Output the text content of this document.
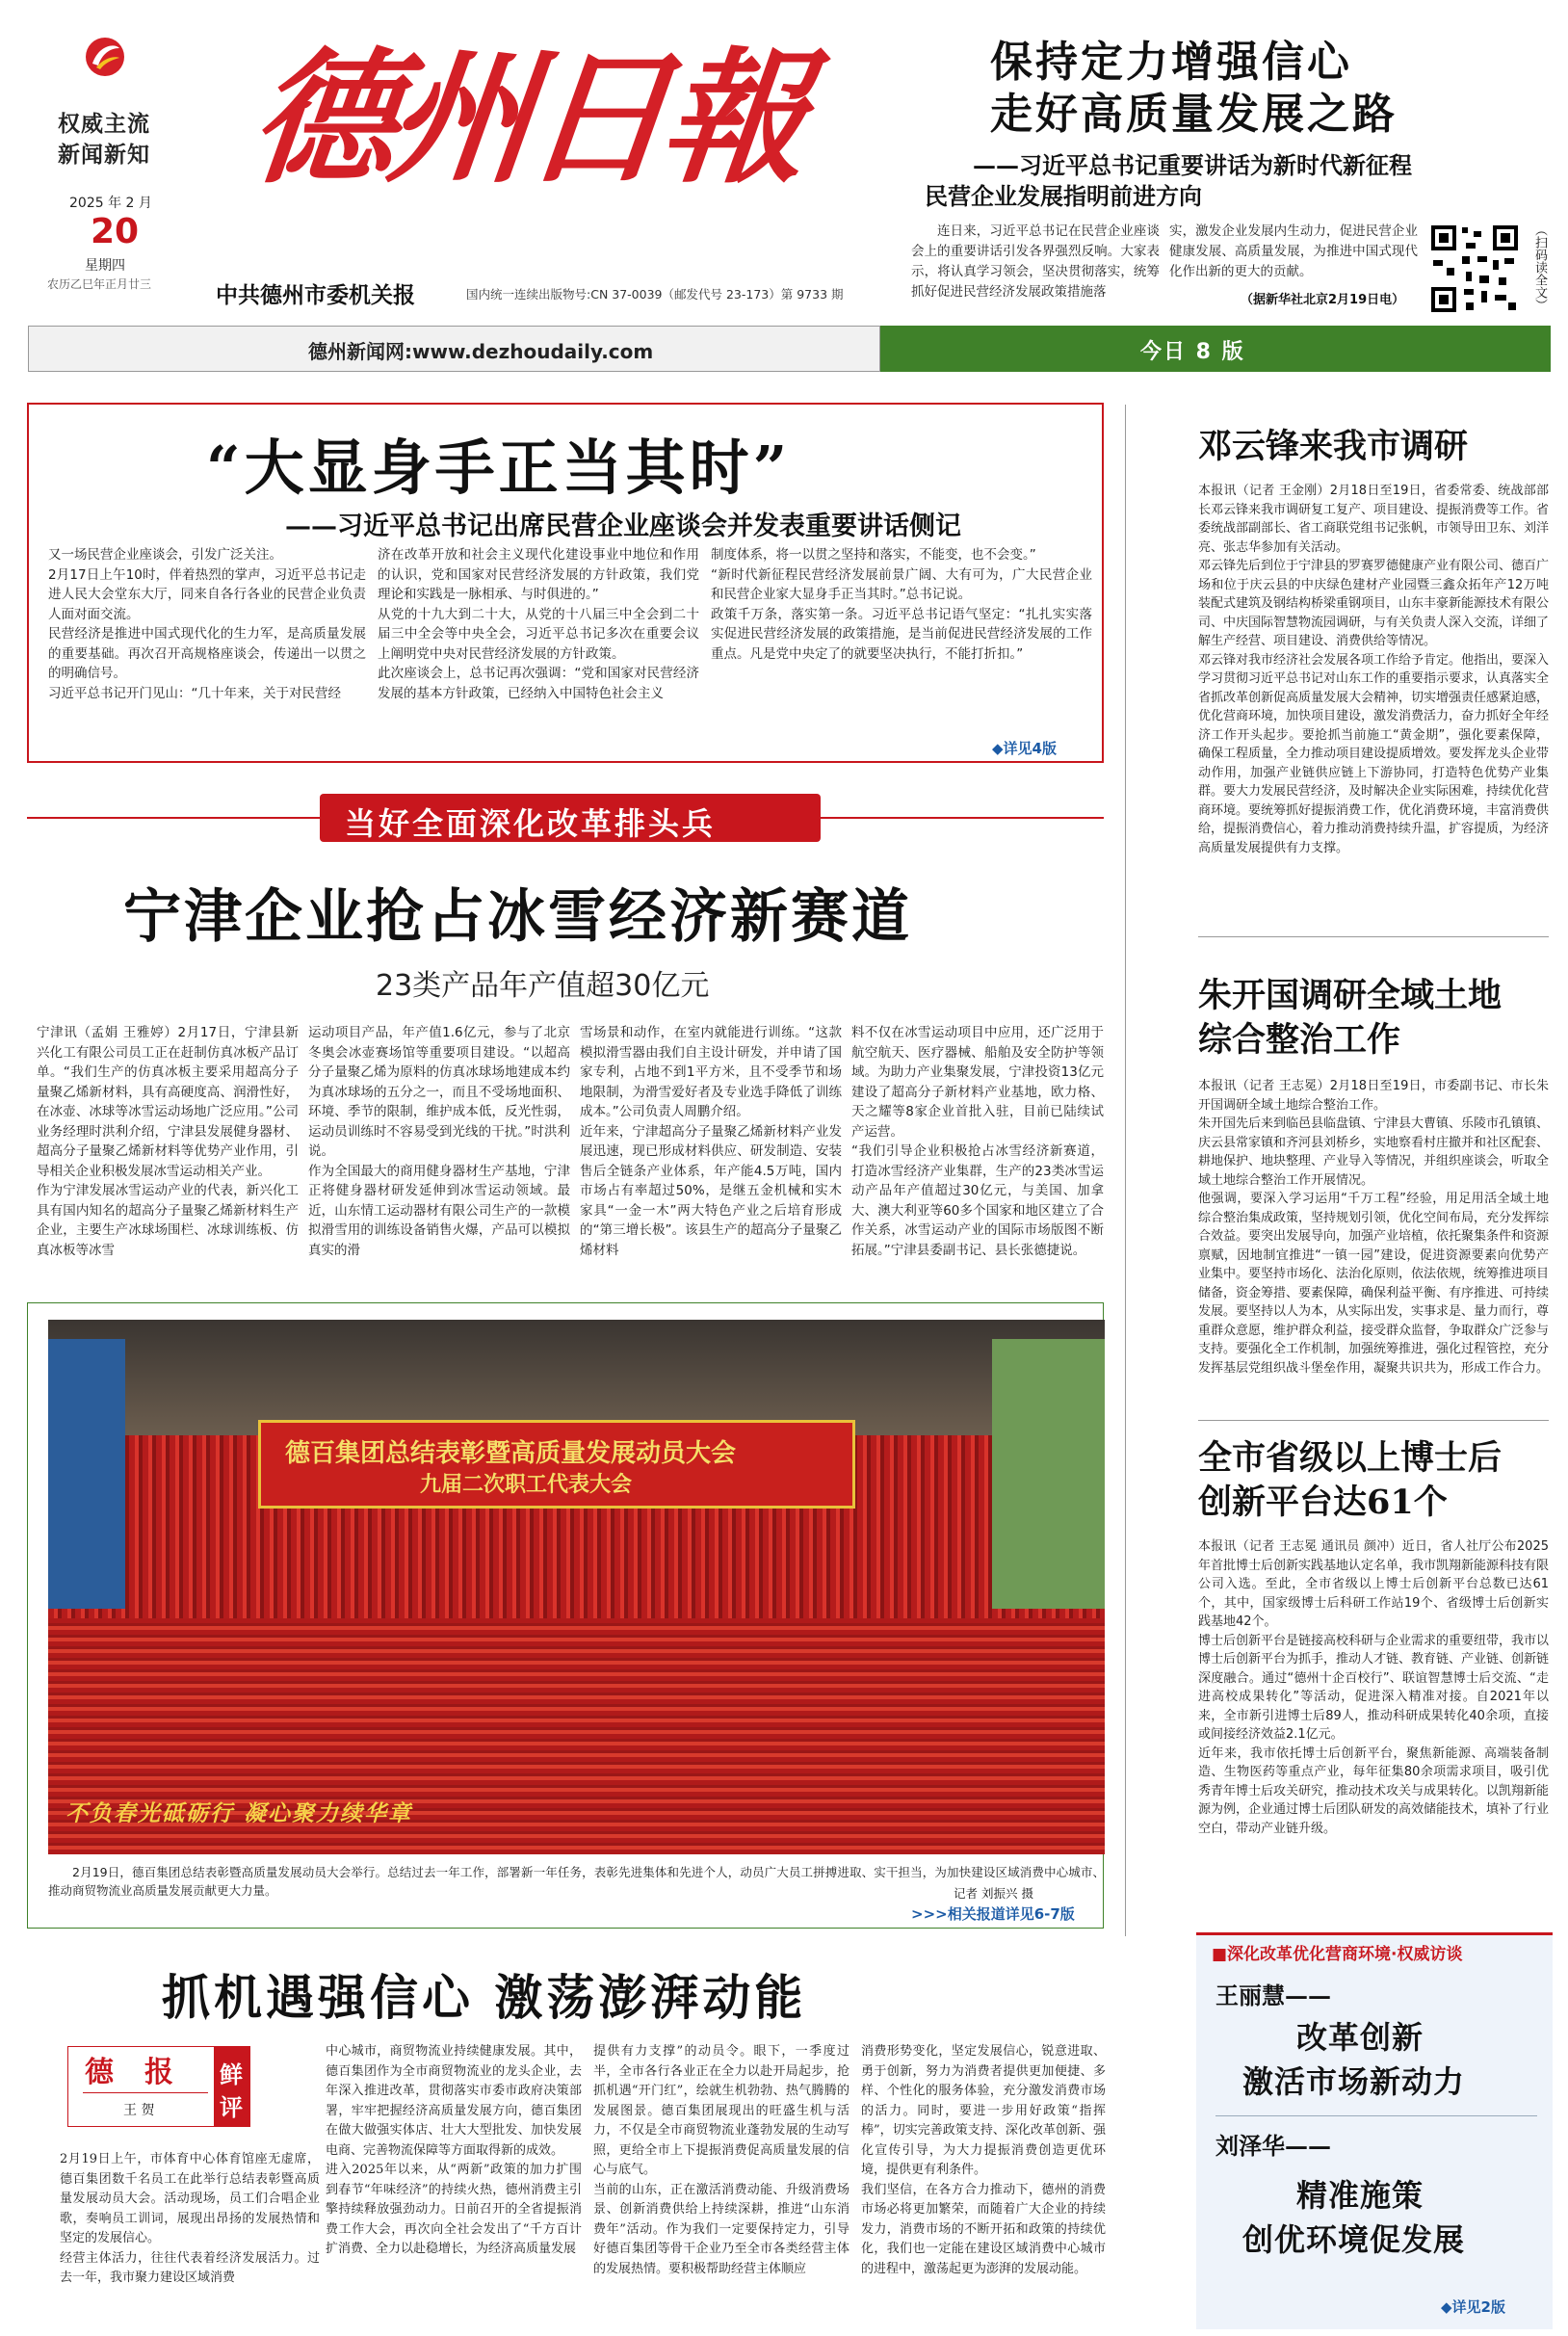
权威主流
新闻新知
2025 年 2 月
20
星期四
农历乙巳年正月廿三
德州日報
中共德州市委机关报	国内统一连续出版物号:CN 37-0039（邮发代号 23-173）第 9733 期
保持定力增强信心
走好高质量发展之路
——习近平总书记重要讲话为新时代新征程
民营企业发展指明前进方向
连日来，习近平总书记在民营企业座谈会上的重要讲话引发各界强烈反响。大家表示，将认真学习领会，坚决贯彻落实，统筹抓好促进民营经济发展政策措施落
实，激发企业发展内生动力，促进民营企业健康发展、高质量发展，为推进中国式现代化作出新的更大的贡献。
（据新华社北京2月19日电）	（扫码读全文）
德州新闻网:www.dezhoudaily.com	今日 8 版
“大显身手正当其时”
——习近平总书记出席民营企业座谈会并发表重要讲话侧记
又一场民营企业座谈会，引发广泛关注。
2月17日上午10时，伴着热烈的掌声，习近平总书记走进人民大会堂东大厅，同来自各行各业的民营企业负责人面对面交流。
民营经济是推进中国式现代化的生力军，是高质量发展的重要基础。再次召开高规格座谈会，传递出一以贯之的明确信号。
习近平总书记开门见山：“几十年来，关于对民营经
济在改革开放和社会主义现代化建设事业中地位和作用的认识，党和国家对民营经济发展的方针政策，我们党理论和实践是一脉相承、与时俱进的。”
从党的十九大到二十大，从党的十八届三中全会到二十届三中全会等中央全会，习近平总书记多次在重要会议上阐明党中央对民营经济发展的方针政策。
此次座谈会上，总书记再次强调：“党和国家对民营经济发展的基本方针政策，已经纳入中国特色社会主义
制度体系，将一以贯之坚持和落实，不能变，也不会变。”
“新时代新征程民营经济发展前景广阔、大有可为，广大民营企业和民营企业家大显身手正当其时。”总书记说。
政策千万条，落实第一条。习近平总书记语气坚定：“扎扎实实落实促进民营经济发展的政策措施，是当前促进民营经济发展的工作重点。凡是党中央定了的就要坚决执行，不能打折扣。”
◆详见4版
当好全面深化改革排头兵
宁津企业抢占冰雪经济新赛道
23类产品年产值超30亿元
宁津讯（孟娟 王雅婷）2月17日，宁津县新兴化工有限公司员工正在赶制仿真冰板产品订单。“我们生产的仿真冰板主要采用超高分子量聚乙烯新材料，具有高硬度高、润滑性好，在冰壶、冰球等冰雪运动场地广泛应用。”公司业务经理时洪利介绍，宁津县发展健身器材、超高分子量聚乙烯新材料等优势产业作用，引导相关企业积极发展冰雪运动相关产业。
作为宁津发展冰雪运动产业的代表，新兴化工具有国内知名的超高分子量聚乙烯新材料生产企业，主要生产冰球场围栏、冰球训练板、仿真冰板等冰雪
运动项目产品，年产值1.6亿元，参与了北京冬奥会冰壶赛场馆等重要项目建设。“以超高分子量聚乙烯为原料的仿真冰球场地建成本约为真冰球场的五分之一，而且不受场地面积、环境、季节的限制，维护成本低，反光性弱，运动员训练时不容易受到光线的干扰。”时洪利说。
作为全国最大的商用健身器材生产基地，宁津正将健身器材研发延伸到冰雪运动领域。最近，山东情工运动器材有限公司生产的一款模拟滑雪用的训练设备销售火爆，产品可以模拟真实的滑
雪场景和动作，在室内就能进行训练。“这款模拟滑雪器由我们自主设计研发，并申请了国家专利，占地不到1平方米，且不受季节和场地限制，为滑雪爱好者及专业选手降低了训练成本。”公司负责人周鹏介绍。
近年来，宁津超高分子量聚乙烯新材料产业发展迅速，现已形成材料供应、研发制造、安装售后全链条产业体系，年产能4.5万吨，国内市场占有率超过50%，是继五金机械和实木家具“一金一木”两大特色产业之后培育形成的“第三增长极”。该县生产的超高分子量聚乙烯材料
料不仅在冰雪运动项目中应用，还广泛用于航空航天、医疗器械、船舶及安全防护等领域。为助力产业集聚发展，宁津投资13亿元建设了超高分子新材料产业基地，欧力格、天之耀等8家企业首批入驻，目前已陆续试产运营。
“我们引导企业积极抢占冰雪经济新赛道，打造冰雪经济产业集群，生产的23类冰雪运动产品年产值超过30亿元，与美国、加拿大、澳大利亚等60多个国家和地区建立了合作关系，冰雪运动产业的国际市场版图不断拓展。”宁津县委副书记、县长张德捷说。
德百集团总结表彰暨高质量发展动员大会
九届二次职工代表大会
不负春光砥砺行 凝心聚力续华章
2月19日，德百集团总结表彰暨高质量发展动员大会举行。总结过去一年工作，部署新一年任务，表彰先进集体和先进个人，动员广大员工拼搏进取、实干担当，为加快建设区域消费中心城市、推动商贸物流业高质量发展贡献更大力量。	记者 刘振兴 摄
>>>相关报道详见6-7版
抓机遇强信心 激荡澎湃动能
德 报
王 贺
鲜
评
2月19日上午，市体育中心体育馆座无虚席，德百集团数千名员工在此举行总结表彰暨高质量发展动员大会。活动现场，员工们合唱企业歌，奏响员工训词，展现出昂扬的发展热情和坚定的发展信心。
经营主体活力，往往代表着经济发展活力。过去一年，我市聚力建设区域消费
中心城市，商贸物流业持续健康发展。其中，德百集团作为全市商贸物流业的龙头企业，去年深入推进改革，贯彻落实市委市政府决策部署，牢牢把握经济高质量发展方向，德百集团在做大做强实体店、壮大大型批发、加快发展电商、完善物流保障等方面取得新的成效。
进入2025年以来，从“两新”政策的加力扩围到春节“年味经济”的持续火热，德州消费主引擎持续释放强劲动力。日前召开的全省提振消费工作大会，再次向全社会发出了“千方百计扩消费、全力以赴稳增长，为经济高质量发展
提供有力支撑”的动员令。眼下，一季度过半，全市各行各业正在全力以赴开局起步，抢抓机遇“开门红”，绘就生机勃勃、热气腾腾的发展图景。德百集团展现出的旺盛生机与活力，不仅是全市商贸物流业蓬勃发展的生动写照，更给全市上下提振消费促高质量发展的信心与底气。
当前的山东，正在激活消费动能、升级消费场景、创新消费供给上持续深耕，推进“山东消费年”活动。作为我们一定要保持定力，引导好德百集团等骨干企业乃至全市各类经营主体的发展热情。要积极帮助经营主体顺应
消费形势变化，坚定发展信心，锐意进取、勇于创新，努力为消费者提供更加便捷、多样、个性化的服务体验，充分激发消费市场的活力。同时，要进一步用好政策“指挥棒”，切实完善政策支持、深化改革创新、强化宣传引导，为大力提振消费创造更优环境，提供更有利条件。
我们坚信，在各方合力推动下，德州的消费市场必将更加繁荣，而随着广大企业的持续发力，消费市场的不断开拓和政策的持续优化，我们也一定能在建设区域消费中心城市的进程中，激荡起更为澎湃的发展动能。
邓云锋来我市调研
本报讯（记者 王金刚）2月18日至19日，省委常委、统战部部长邓云锋来我市调研复工复产、项目建设、提振消费等工作。省委统战部副部长、省工商联党组书记张帆，市领导田卫东、刘洋亮、张志华参加有关活动。
邓云锋先后到位于宁津县的罗赛罗德健康产业有限公司、德百广场和位于庆云县的中庆绿色建材产业园暨三鑫众拓年产12万吨装配式建筑及钢结构桥梁重钢项目，山东丰豪新能源技术有限公司、中庆国际智慧物流园调研，与有关负责人深入交流，详细了解生产经营、项目建设、消费供给等情况。
邓云锋对我市经济社会发展各项工作给予肯定。他指出，要深入学习贯彻习近平总书记对山东工作的重要指示要求，认真落实全省抓改革创新促高质量发展大会精神，切实增强责任感紧迫感，优化营商环境，加快项目建设，激发消费活力，奋力抓好全年经济工作开头起步。要抢抓当前施工“黄金期”，强化要素保障，确保工程质量，全力推动项目建设提质增效。要发挥龙头企业带动作用，加强产业链供应链上下游协同，打造特色优势产业集群。要大力发展民营经济，及时解决企业实际困难，持续优化营商环境。要统筹抓好提振消费工作，优化消费环境，丰富消费供给，提振消费信心，着力推动消费持续升温，扩容提质，为经济高质量发展提供有力支撑。
朱开国调研全域土地
综合整治工作
本报讯（记者 王志冕）2月18日至19日，市委副书记、市长朱开国调研全域土地综合整治工作。
朱开国先后来到临邑县临盘镇、宁津县大曹镇、乐陵市孔镇镇、庆云县常家镇和齐河县刘桥乡，实地察看村庄撤并和社区配套、耕地保护、地块整理、产业导入等情况，并组织座谈会，听取全域土地综合整治工作开展情况。
他强调，要深入学习运用“千万工程”经验，用足用活全域土地综合整治集成政策，坚持规划引领，优化空间布局，充分发挥综合效益。要突出发展导向，加强产业培植，依托聚集条件和资源禀赋，因地制宜推进“一镇一园”建设，促进资源要素向优势产业集中。要坚持市场化、法治化原则，依法依规，统筹推进项目储备，资金筹措、要素保障，确保利益平衡、有序推进、可持续发展。要坚持以人为本，从实际出发，实事求是、量力而行，尊重群众意愿，维护群众利益，接受群众监督，争取群众广泛参与支持。要强化全工作机制，加强统筹推进，强化过程管控，充分发挥基层党组织战斗堡垒作用，凝聚共识共为，形成工作合力。
全市省级以上博士后
创新平台达61个
本报讯（记者 王志冕 通讯员 颜冲）近日，省人社厅公布2025年首批博士后创新实践基地认定名单，我市凯翔新能源科技有限公司入选。至此，全市省级以上博士后创新平台总数已达61个，其中，国家级博士后科研工作站19个、省级博士后创新实践基地42个。
博士后创新平台是链接高校科研与企业需求的重要纽带，我市以博士后创新平台为抓手，推动人才链、教育链、产业链、创新链深度融合。通过“德州十企百校行”、联谊智慧博士后交流、“走进高校成果转化”等活动，促进深入精准对接。自2021年以来，全市新引进博士后89人，推动科研成果转化40余项，直接或间接经济效益2.1亿元。
近年来，我市依托博士后创新平台，聚焦新能源、高端装备制造、生物医药等重点产业，每年征集80余项需求项目，吸引优秀青年博士后攻关研究，推动技术攻关与成果转化。以凯翔新能源为例，企业通过博士后团队研发的高效储能技术，填补了行业空白，带动产业链升级。
■深化改革优化营商环境·权威访谈
王丽慧——
改革创新
激活市场新动力
刘泽华——
精准施策
创优环境促发展
◆详见2版
